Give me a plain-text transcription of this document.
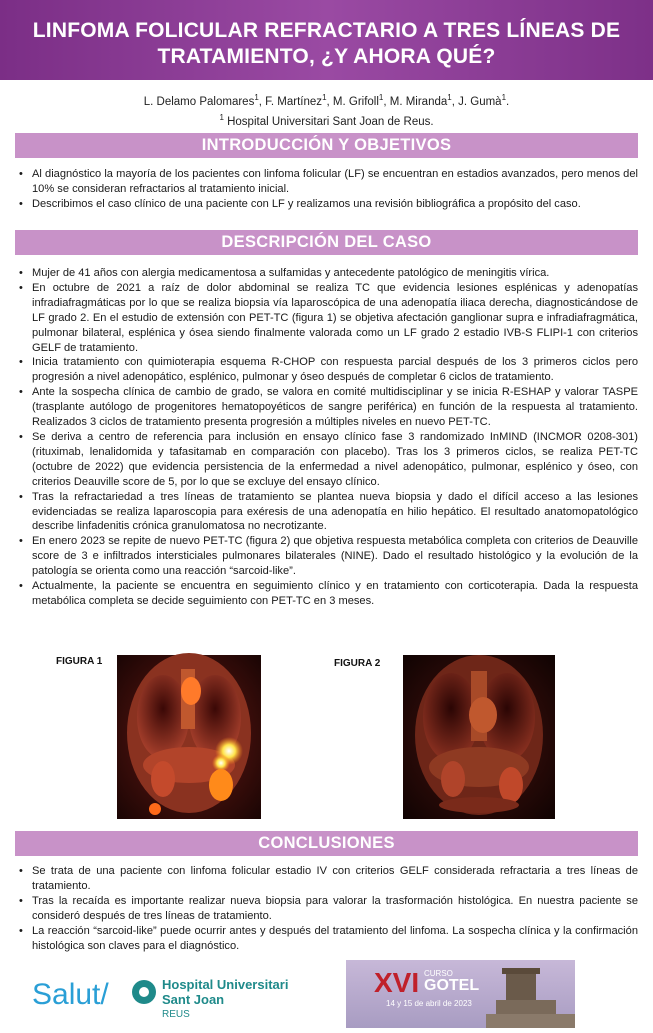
LINFOMA FOLICULAR REFRACTARIO A TRES LÍNEAS DE
TRATAMIENTO, ¿Y AHORA QUÉ?
L. Delamo Palomares$^1$, F. Martínez$^1$, M. Grifoll$^1$, M. Miranda$^1$, J. Gumà$^1$.
$^1$ Hospital Universitari Sant Joan de Reus.
INTRODUCCIÓN Y OBJETIVOS
• Al diagnóstico la mayoría de los pacientes con linfoma folicular (LF) se encuentran en estadios avanzados, pero menos del 10% se consideran refractarios al tratamiento inicial.
• Describimos el caso clínico de una paciente con LF y realizamos una revisión bibliográfica a propósito del caso.
DESCRIPCIÓN DEL CASO
• Mujer de 41 años con alergia medicamentosa a sulfamidas y antecedente patológico de meningitis vírica.
• En octubre de 2021 a raíz de dolor abdominal se realiza TC que evidencia lesiones esplénicas y adenopatías infradiafragmáticas por lo que se realiza biopsia vía laparoscópica de una adenopatía iliaca derecha, diagnosticándose de LF grado 2. En el estudio de extensión con PET-TC (figura 1) se objetiva afectación ganglionar supra e infradiafragmática, pulmonar bilateral, esplénica y ósea siendo finalmente valorada como un LF grado 2 estadio IVB-S FLIPI-1 con criterios GELF de tratamiento.
• Inicia tratamiento con quimioterapia esquema R-CHOP con respuesta parcial después de los 3 primeros ciclos pero progresión a nivel adenopático, esplénico, pulmonar y óseo después de completar 6 ciclos de tratamiento.
• Ante la sospecha clínica de cambio de grado, se valora en comité multidisciplinar y se inicia R-ESHAP y valorar TASPE (trasplante autólogo de progenitores hematopoyéticos de sangre periférica) en función de la respuesta al tratamiento. Realizados 3 ciclos de tratamiento presenta progresión a múltiples niveles en nuevo PET-TC.
• Se deriva a centro de referencia para inclusión en ensayo clínico fase 3 randomizado InMIND (INCMOR 0208-301) (rituximab, lenalidomida y tafasitamab en comparación con placebo). Tras los 3 primeros ciclos, se realiza PET-TC (octubre de 2022) que evidencia persistencia de la enfermedad a nivel adenopático, pulmonar, esplénico y óseo, con criterios Deauville score de 5, por lo que se excluye del ensayo clínico.
• Tras la refractariedad a tres líneas de tratamiento se plantea nueva biopsia y dado el difícil acceso a las lesiones evidenciadas se realiza laparoscopia para exéresis de una adenopatía en hilio hepático. El resultado anatomopatológico describe linfadenitis crónica granulomatosa no necrotizante.
• En enero 2023 se repite de nuevo PET-TC (figura 2) que objetiva respuesta metabólica completa con criterios de Deauville score de 3 e infiltrados intersticiales pulmonares bilaterales (NINE). Dado el resultado histológico y la evolución de la patología se orienta como una reacción “sarcoid-like”.
• Actualmente, la paciente se encuentra en seguimiento clínico y en tratamiento con corticoterapia. Dada la respuesta metabólica completa se decide seguimiento con PET-TC en 3 meses.
FIGURA 1	FIGURA 2
CONCLUSIONES
• Se trata de una paciente con linfoma folicular estadio IV con criterios GELF considerada refractaria a tres líneas de tratamiento.
• Tras la recaída es importante realizar nueva biopsia para valorar la trasformación histológica. En nuestra paciente se consideró después de tres líneas de tratamiento.
• La reacción “sarcoid-like” puede ocurrir antes y después del tratamiento del linfoma. La sospecha clínica y la confirmación histológica son claves para el diagnóstico.
Salut/	Hospital Universitari
Sant Joan
REUS
XVI CURSO
GOTEL
14 y 15 de abril de 2023
